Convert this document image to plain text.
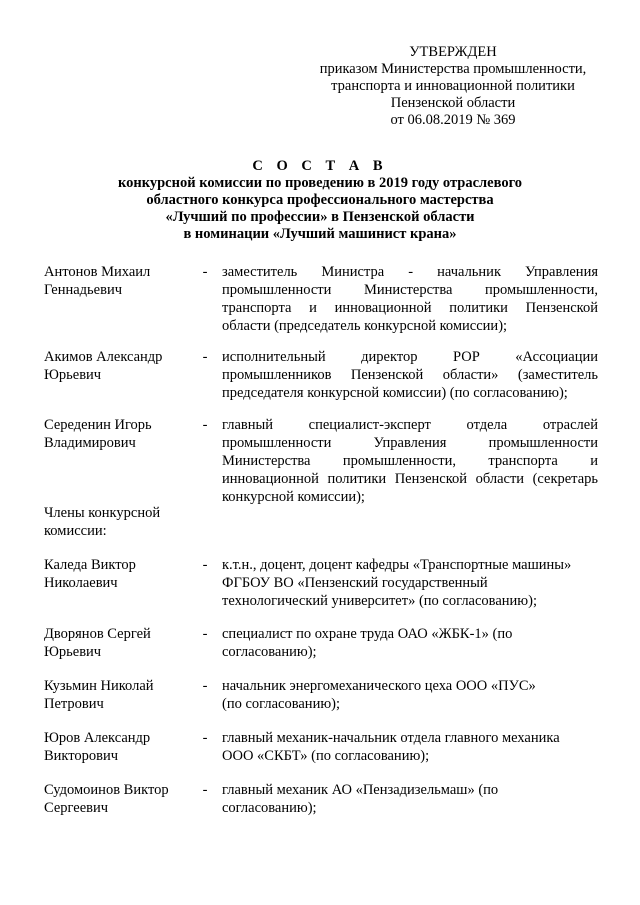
УТВЕРЖДЕН
приказом Министерства промышленности,
транспорта и инновационной политики
Пензенской области
от 06.08.2019 № 369
С О С Т А В
конкурсной комиссии по проведению в 2019 году отраслевого
областного конкурса профессионального мастерства
«Лучший по профессии» в Пензенской области
в номинации «Лучший машинист крана»
Антонов Михаил
Геннадьевич
- заместитель Министра - начальник Управления
промышленности Министерства промышленности,
транспорта и инновационной политики Пензенской
области (председатель конкурсной комиссии);
Акимов Александр
Юрьевич
- исполнительный директор РОР «Ассоциации
промышленников Пензенской области» (заместитель
председателя конкурсной комиссии) (по согласованию);
Середенин Игорь
Владимирович
- главный специалист-эксперт отдела отраслей
промышленности Управления промышленности
Министерства промышленности, транспорта и
инновационной политики Пензенской области (секретарь
конкурсной комиссии);
Члены конкурсной
комиссии:
Каледа Виктор
Николаевич
- к.т.н., доцент, доцент кафедры «Транспортные машины»
ФГБОУ ВО «Пензенский государственный
технологический университет» (по согласованию);
Дворянов Сергей
Юрьевич
- специалист по охране труда ОАО «ЖБК-1» (по
согласованию);
Кузьмин Николай
Петрович
- начальник энергомеханического цеха ООО «ПУС»
(по согласованию);
Юров Александр
Викторович
- главный механик-начальник отдела главного механика
ООО «СКБТ» (по согласованию);
Судомоинов Виктор
Сергеевич
- главный механик АО «Пензадизельмаш» (по
согласованию);
